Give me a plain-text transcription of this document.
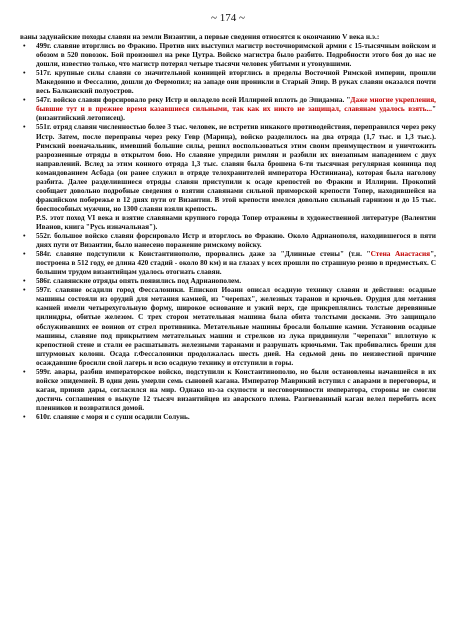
~ 174 ~

ваны задунайские походы славян на земли Византии, а первые сведения относятся к окончанию V века н.э.:

• 499г. славяне вторглись во Фракию. Против них выступил магистр восточноримской армии с 15-тысячным войском и обозом в 520 повозок. Бой произошел на реке Цутра. Войско магистра было разбито. Подробности этого боя до нас не дошли, известно только, что магистр потерял четыре тысячи человек убитыми и утонувшими.
• 517г. крупные силы славян со значительной конницей вторглись в пределы Восточной Римской империи, прошли Македонию и Фессалию, дошли до Фермопил; на западе они проникли в Старый Эпир. В руках славян оказался почти весь Балканский полуостров.
• 547г. войско славян форсировало реку Истр и овладело всей Иллирией вплоть до Эпидамна. "Даже многие укрепления, бывшие тут и в прежнее время казавшиеся сильными, так как их никто не защищал, славянам удалось взять..." (византийский летописец).
• 551г. отряд славян численностью более 3 тыс. человек, не встретив никакого противодействия, переправился через реку Истр. Затем, после переправы через реку Гевр (Марица), войско разделилось на два отряда (1,7 тыс. и 1,3 тыс.). Римский военачальник, имевший большие силы, решил воспользоваться этим своим преимуществом и уничтожить разрозненные отряды в открытом бою. Но славяне упредили римлян и разбили их внезапным нападением с двух направлений. Вслед за этим конного отряда 1,3 тыс. славян была брошена 6-ти тысячная регулярная конница под командованием Асбада (он ранее служил в отряде телохранителей императора Юстиниана), которая была наголову разбита. Далее разделившиеся отряды славян приступили к осаде крепостей во Фракии и Иллирии. Прокопий сообщает довольно подробные сведения о взятии славянами сильной приморской крепости Топер, находившейся на фракийском побережье в 12 днях пути от Византии. В этой крепости имелся довольно сильный гарнизон и до 15 тыс. боеспособных мужчин, но 1300 славян взяли крепость.

P.S. этот поход VI века и взятие славянами крупного города Топер отражены в художественной литературе (Валентин Иванов, книга "Русь изначальная").

• 552г. большое войско славян форсировало Истр и вторглось во Фракию. Около Адрианополя, находившегося в пяти днях пути от Византии, было нанесено поражение римскому войску.
• 584г. славяне подступили к Константинополю, прорвались даже за "Длинные стены" (т.н. "Стена Анастасия", построена в 512 году, ее длина 420 стадий - около 80 км) и на глазах у всех прошли по страшную резню в предместьях. С большим трудом византийцам удалось отогнать славян.
• 586г. славянские отряды опять появились под Адрианополем.
• 597г. славяне осадили город Фессалоники. Епископ Иоанн описал осадную технику славян и действия: осадные машины состояли из орудий для метания камней, из "черепах", железных таранов и крючьев. Орудия для метания камней имели четырехугольную форму, широкое основание и узкий верх, где прикреплялись толстые деревянные цилиндры, обитые железом. С трех сторон метательная машина была обита толстыми досками. Это защищало обслуживавших ее воинов от стрел противника. Метательные машины бросали большие камни. Установив осадные машины, славяне под прикрытием метательных машин и стрелков из лука придвинули "черепахи" вплотную к крепостной стене и стали ее расшатывать железными таранами и разрушать крючьями. Так пробивались бреши для штурмовых колонн. Осада г.Фессалоники продолжалась шесть дней. На седьмой день по неизвестной причине осаждавшие бросили свой лагерь и всю осадную технику и отступили в горы.
• 599г. авары, разбив императорское войско, подступили к Константинополю, но были остановлены начавшейся в их войске эпидемией. В один день умерли семь сыновей кагана. Император Маврикий вступил с аварами в переговоры, и каган, приняв дары, согласился на мир. Однако из-за скупости и несговорчивости императора, стороны не смогли достичь соглашения о выкупе 12 тысяч византийцев из аварского плена. Разгневанный каган велел перебить всех пленников и возвратился домой.
• 610г. славяне с моря и с суши осадили Солунь.
